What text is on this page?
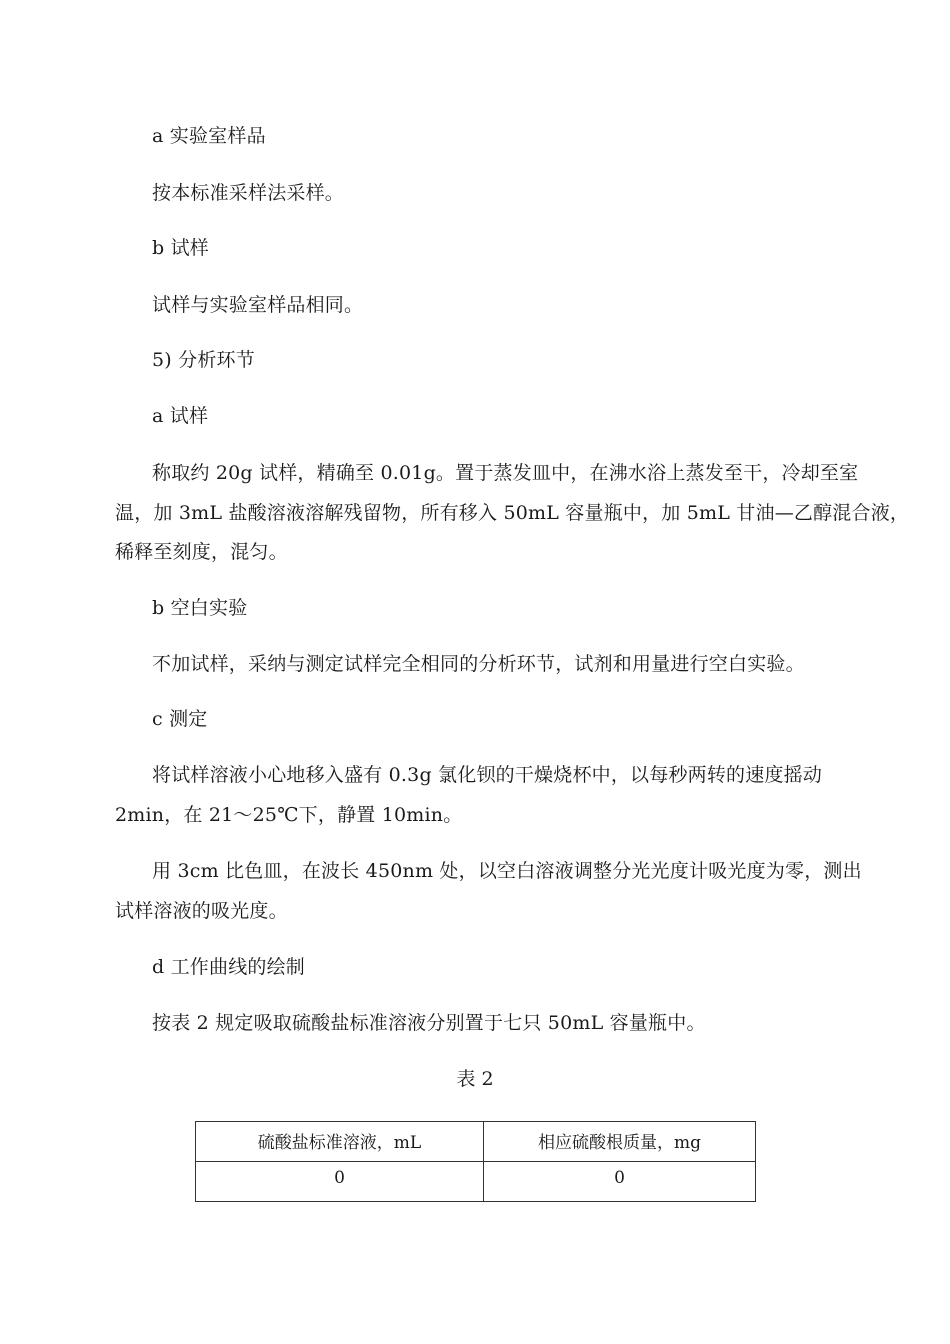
a 实验室样品
按本标准采样法采样。
b 试样
试样与实验室样品相同。
5) 分析环节
a 试样
称取约 20g 试样，精确至 0.01g。置于蒸发皿中，在沸水浴上蒸发至干，冷却至室
温，加 3mL 盐酸溶液溶解残留物，所有移入 50mL 容量瓶中，加 5mL 甘油—乙醇混合液，
稀释至刻度，混匀。
b 空白实验
不加试样，采纳与测定试样完全相同的分析环节，试剂和用量进行空白实验。
c 测定
将试样溶液小心地移入盛有 0.3g 氯化钡的干燥烧杯中，以每秒两转的速度摇动
2min，在 21～25℃下，静置 10min。
用 3cm 比色皿，在波长 450nm 处，以空白溶液调整分光光度计吸光度为零，测出
试样溶液的吸光度。
d 工作曲线的绘制
按表 2 规定吸取硫酸盐标准溶液分别置于七只 50mL 容量瓶中。
表 2
硫酸盐标准溶液，mL	相应硫酸根质量，mg
0	0
